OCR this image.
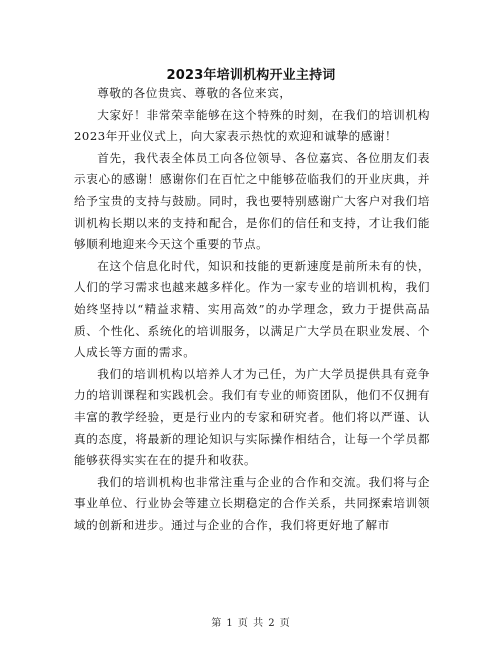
2023年培训机构开业主持词

尊敬的各位贵宾、尊敬的各位来宾，

大家好！非常荣幸能够在这个特殊的时刻，在我们的培训机构2023年开业仪式上，向大家表示热忱的欢迎和诚挚的感谢！

首先，我代表全体员工向各位领导、各位嘉宾、各位朋友们表示衷心的感谢！感谢你们在百忙之中能够莅临我们的开业庆典，并给予宝贵的支持与鼓励。同时，我也要特别感谢广大客户对我们培训机构长期以来的支持和配合，是你们的信任和支持，才让我们能够顺利地迎来今天这个重要的节点。

在这个信息化时代，知识和技能的更新速度是前所未有的快，人们的学习需求也越来越多样化。作为一家专业的培训机构，我们始终坚持以“精益求精、实用高效”的办学理念，致力于提供高品质、个性化、系统化的培训服务，以满足广大学员在职业发展、个人成长等方面的需求。

我们的培训机构以培养人才为己任，为广大学员提供具有竞争力的培训课程和实践机会。我们有专业的师资团队，他们不仅拥有丰富的教学经验，更是行业内的专家和研究者。他们将以严谨、认真的态度，将最新的理论知识与实际操作相结合，让每一个学员都能够获得实实在在的提升和收获。

我们的培训机构也非常注重与企业的合作和交流。我们将与企事业单位、行业协会等建立长期稳定的合作关系，共同探索培训领域的创新和进步。通过与企业的合作，我们将更好地了解市

第 1 页 共 2 页
